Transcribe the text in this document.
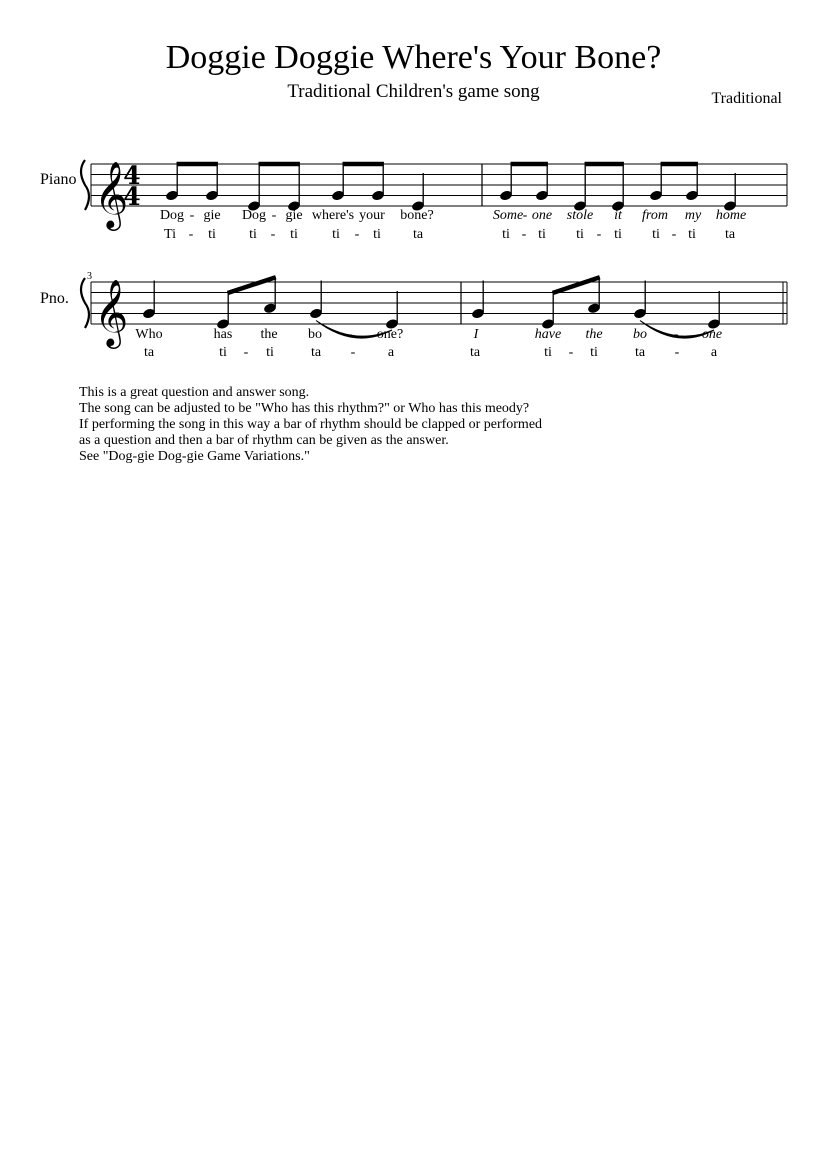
Doggie Doggie Where's Your Bone?
Traditional Children's game song	Traditional
Piano
Pno.
3
𝄞
4
4
𝄞
Dog gie Dog gie where's your bone?	Some one stole it from my home
-	-	-
Ti ti ti ti ti ti ta	ti ti ti ti ti ti ta
-	-	-	-	-	-
Who	has the bo	one?	I	have the bo	one
-	-
ta	ti	ti	ta	a	ta	ti	ti	ta	a
-	-	-	-
This is a great question and answer song.
The song can be adjusted to be "Who has this rhythm?" or Who has this meody?
If performing the song in this way a bar of rhythm should be clapped or performed
as a question and then a bar of rhythm can be given as the answer.
See "Dog-gie Dog-gie Game Variations."
